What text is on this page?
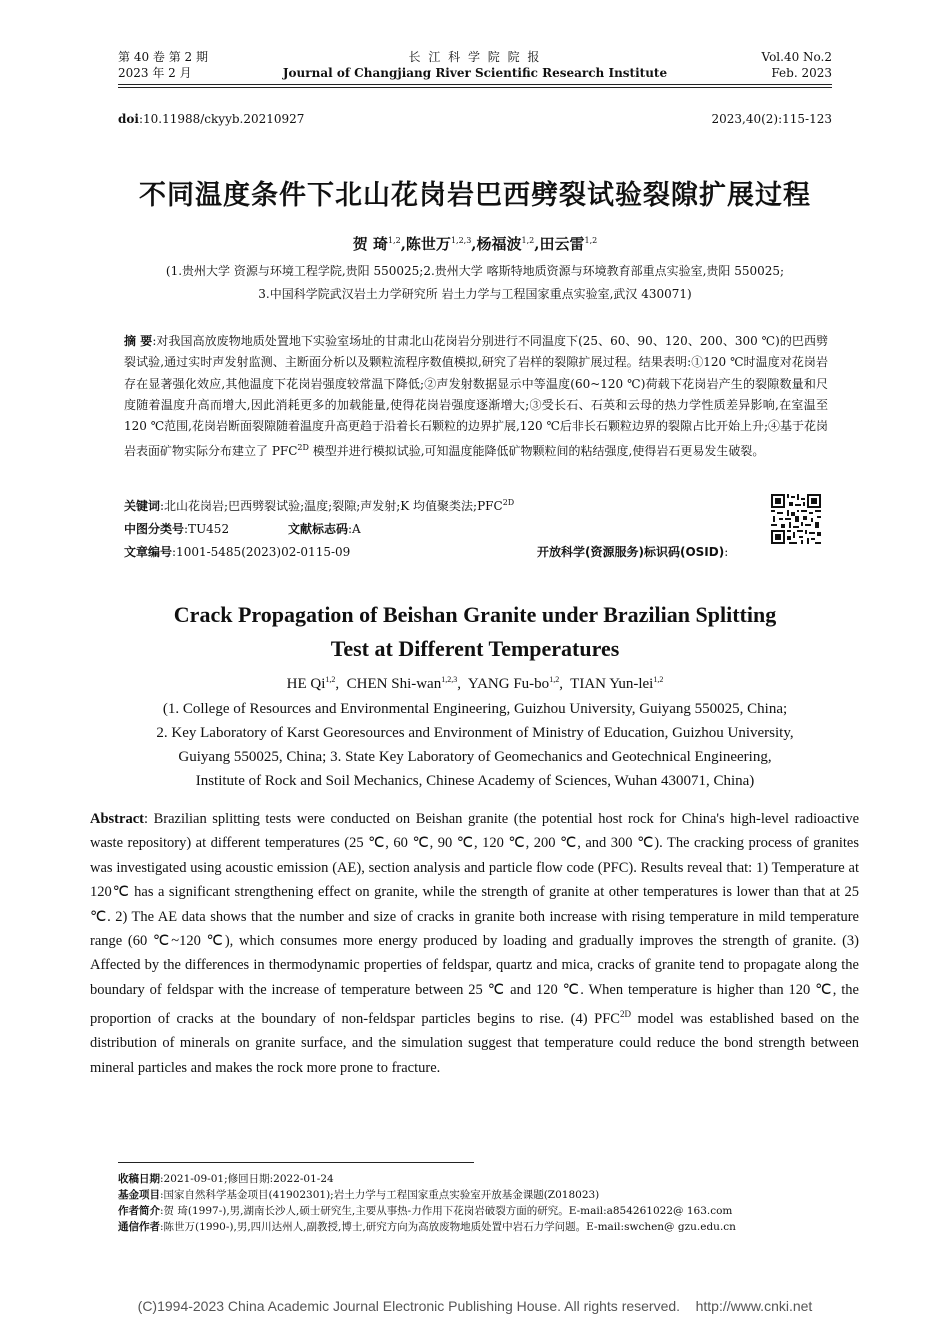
第 40 卷 第 2 期
2023 年 2 月
长 江 科 学 院 院 报
Journal of Changjiang River Scientific Research Institute
Vol.40 No.2
Feb. 2023
doi:10.11988/ckyyb.20210927	2023,40(2):115-123
不同温度条件下北山花岗岩巴西劈裂试验裂隙扩展过程
贺 琦$^{1,2}$,陈世万$^{1,2,3}$,杨福波$^{1,2}$,田云雷$^{1,2}$
(1.贵州大学 资源与环境工程学院,贵阳 550025;2.贵州大学 喀斯特地质资源与环境教育部重点实验室,贵阳 550025;
3.中国科学院武汉岩土力学研究所 岩土力学与工程国家重点实验室,武汉 430071)
摘 要:对我国高放废物地质处置地下实验室场址的甘肃北山花岗岩分别进行不同温度下(25、60、90、120、200、300 ℃)的巴西劈裂试验,通过实时声发射监测、主断面分析以及颗粒流程序数值模拟,研究了岩样的裂隙扩展过程。结果表明:①120 ℃时温度对花岗岩存在显著强化效应,其他温度下花岗岩强度较常温下降低;②声发射数据显示中等温度(60~120 ℃)荷载下花岗岩产生的裂隙数量和尺度随着温度升高而增大,因此消耗更多的加载能量,使得花岗岩强度逐渐增大;③受长石、石英和云母的热力学性质差异影响,在室温至 120 ℃范围,花岗岩断面裂隙随着温度升高更趋于沿着长石颗粒的边界扩展,120 ℃后非长石颗粒边界的裂隙占比开始上升;④基于花岗岩表面矿物实际分布建立了 $PFC^{2D}$ 模型并进行模拟试验,可知温度能降低矿物颗粒间的粘结强度,使得岩石更易发生破裂。
关键词:北山花岗岩;巴西劈裂试验;温度;裂隙;声发射;K 均值聚类法$;PFC^{2D}$
中图分类号:TU452	文献标志码:A
文章编号:1001-5485(2023)02-0115-09	开放科学(资源服务)标识码(OSID):
Crack Propagation of Beishan Granite under Brazilian Splitting
Test at Different Temperatures
HE Qi$^{1,2}$,  CHEN Shi-wan$^{1,2,3}$,  YANG Fu-bo$^{1,2}$,  TIAN Yun-lei$^{1,2}$
(1. College of Resources and Environmental Engineering, Guizhou University, Guiyang 550025, China;
2. Key Laboratory of Karst Georesources and Environment of Ministry of Education, Guizhou University,
Guiyang 550025, China; 3. State Key Laboratory of Geomechanics and Geotechnical Engineering,
Institute of Rock and Soil Mechanics, Chinese Academy of Sciences, Wuhan 430071, China)
Abstract: Brazilian splitting tests were conducted on Beishan granite (the potential host rock for China's high-level radioactive waste repository) at different temperatures (25 ℃, 60 ℃, 90 ℃, 120 ℃, 200 ℃, and 300 ℃). The cracking process of granites was investigated using acoustic emission (AE), section analysis and particle flow code (PFC). Results reveal that: 1) Temperature at 120℃ has a significant strengthening effect on granite, while the strength of granite at other temperatures is lower than that at 25 ℃. 2) The AE data shows that the number and size of cracks in granite both increase with rising temperature in mild temperature range (60 ℃~120 ℃), which consumes more energy produced by loading and gradually improves the strength of granite. (3) Affected by the differences in thermodynamic properties of feldspar, quartz and mica, cracks of granite tend to propagate along the boundary of feldspar with the increase of temperature between 25 ℃ and 120 ℃. When temperature is higher than 120 ℃, the proportion of cracks at the boundary of non-feldspar particles begins to rise. (4) $PFC^{2D}$ model was established based on the distribution of minerals on granite surface, and the simulation suggest that temperature could reduce the bond strength between mineral particles and makes the rock more prone to fracture.
收稿日期:2021-09-01;修回日期:2022-01-24
基金项目:国家自然科学基金项目(41902301);岩土力学与工程国家重点实验室开放基金课题(Z018023)
作者简介:贺 琦(1997-),男,湖南长沙人,硕士研究生,主要从事热-力作用下花岗岩破裂方面的研究。E-mail:a854261022@ 163.com
通信作者:陈世万(1990-),男,四川达州人,副教授,博士,研究方向为高放废物地质处置中岩石力学问题。E-mail:swchen@ gzu.edu.cn
(C)1994-2023 China Academic Journal Electronic Publishing House. All rights reserved.    http://www.cnki.net
